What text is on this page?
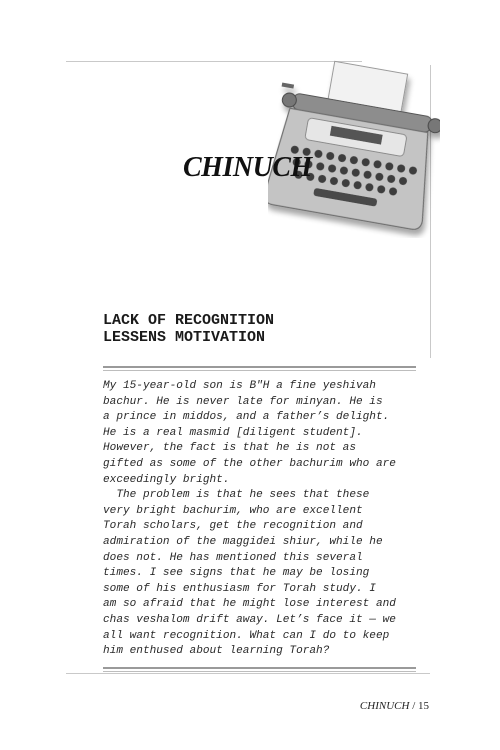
CHINUCH
LACK OF RECOGNITION
LESSENS MOTIVATION

My 15-year-old son is B"H a fine yeshivah

bachur. He is never late for minyan. He is

a prince in middos, and a father’s delight.

He is a real masmid [diligent student].

However, the fact is that he is not as

gifted as some of the other bachurim who are

exceedingly bright.

The problem is that he sees that these

very bright bachurim, who are excellent

Torah scholars, get the recognition and

admiration of the maggidei shiur, while he

does not. He has mentioned this several

times. I see signs that he may be losing

some of his enthusiasm for Torah study. I

am so afraid that he might lose interest and

chas veshalom drift away. Let’s face it — we

all want recognition. What can I do to keep

him enthused about learning Torah?

CHINUCH / 15
